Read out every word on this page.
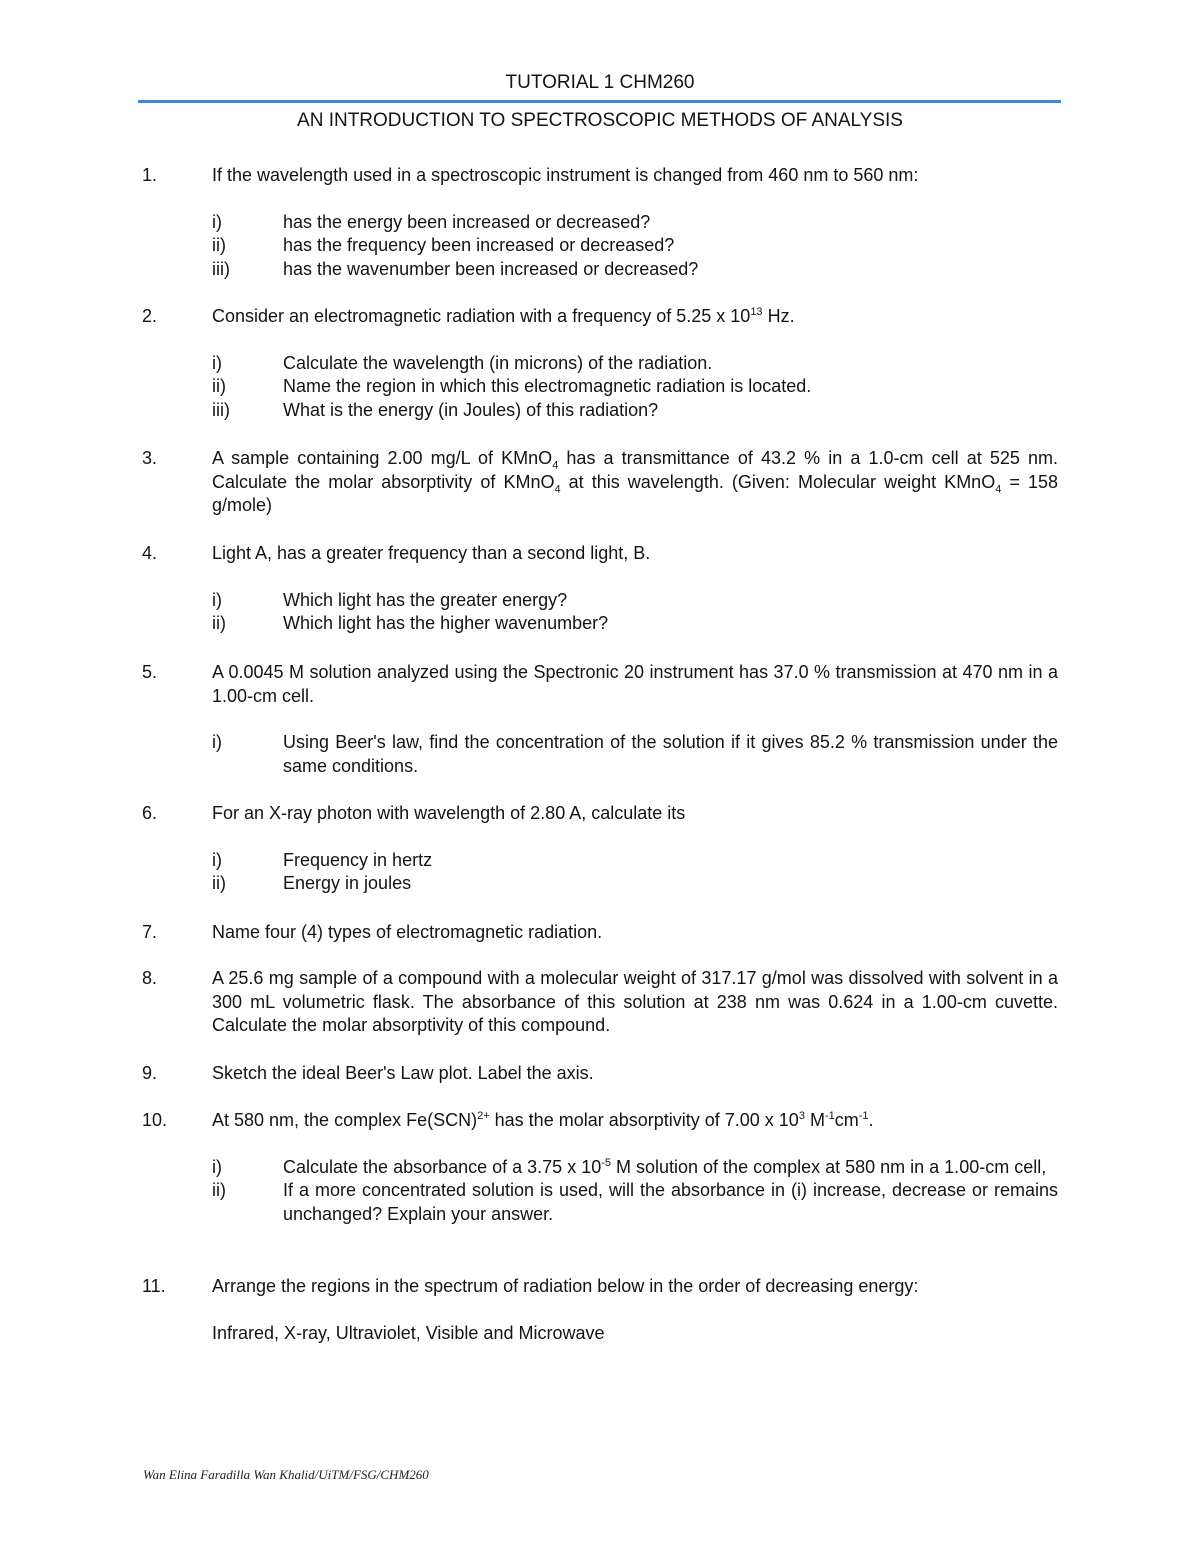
TUTORIAL 1 CHM260
AN INTRODUCTION TO SPECTROSCOPIC METHODS OF ANALYSIS
1.	If the wavelength used in a spectroscopic instrument is changed from 460 nm to 560 nm:
i)	has the energy been increased or decreased?
ii)	has the frequency been increased or decreased?
iii)	has the wavenumber been increased or decreased?
2.	Consider an electromagnetic radiation with a frequency of 5.25 x $10^{13}$ Hz.
i)	Calculate the wavelength (in microns) of the radiation.
ii)	Name the region in which this electromagnetic radiation is located.
iii)	What is the energy (in Joules) of this radiation?
3.	A sample containing 2.00 mg/L of KMnO$_4$ has a transmittance of 43.2 % in a 1.0-cm cell at 525 nm. Calculate the molar absorptivity of KMnO$_4$ at this wavelength. (Given: Molecular weight KMnO$_4$ = 158 g/mole)
4.	Light A, has a greater frequency than a second light, B.
i)	Which light has the greater energy?
ii)	Which light has the higher wavenumber?
5.	A 0.0045 M solution analyzed using the Spectronic 20 instrument has 37.0 % transmission at 470 nm in a 1.00-cm cell.
i)	Using Beer's law, find the concentration of the solution if it gives 85.2 % transmission under the same conditions.
6.	For an X-ray photon with wavelength of 2.80 A, calculate its
i)	Frequency in hertz
ii)	Energy in joules
7.	Name four (4) types of electromagnetic radiation.
8.	A 25.6 mg sample of a compound with a molecular weight of 317.17 g/mol was dissolved with solvent in a 300 mL volumetric flask. The absorbance of this solution at 238 nm was 0.624 in a 1.00-cm cuvette. Calculate the molar absorptivity of this compound.
9.	Sketch the ideal Beer's Law plot. Label the axis.
10. At 580 nm, the complex Fe(SCN)$^{2+}$ has the molar absorptivity of 7.00 x $10^3$ $M^{-1}cm^{-1}$.
i)	Calculate the absorbance of a 3.75 x $10^{-5}$ M solution of the complex at 580 nm in a 1.00-cm cell,
ii)	If a more concentrated solution is used, will the absorbance in (i) increase, decrease or remains unchanged? Explain your answer.
11.	Arrange the regions in the spectrum of radiation below in the order of decreasing energy:
Infrared, X-ray, Ultraviolet, Visible and Microwave
Wan Elina Faradilla Wan Khalid/UiTM/FSG/CHM260
